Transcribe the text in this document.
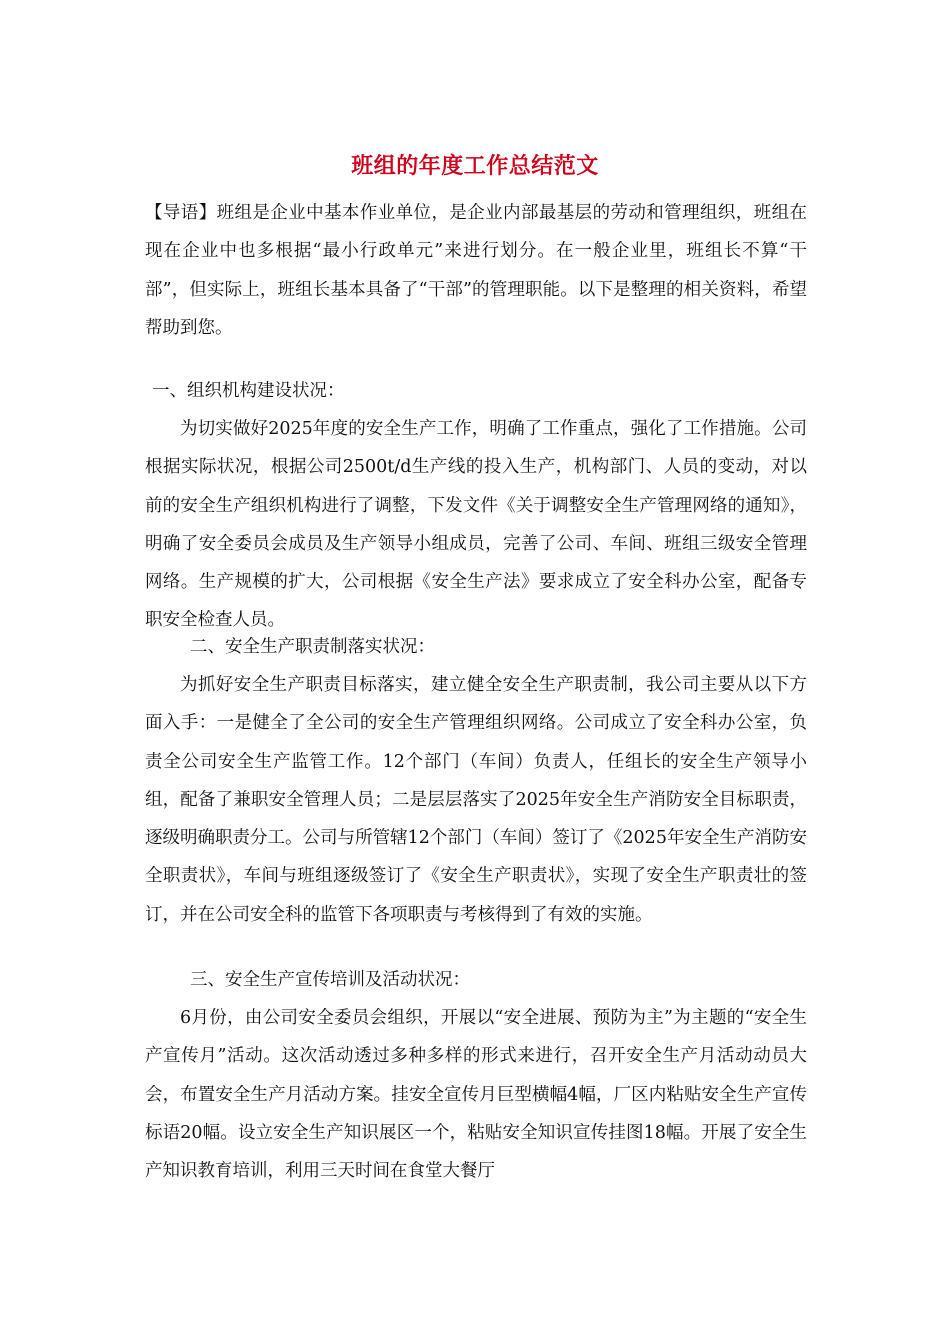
班组的年度工作总结范文
【导语】班组是企业中基本作业单位，是企业内部最基层的劳动和管理组织，班组在现在企业中也多根据“最小行政单元”来进行划分。在一般企业里，班组长不算“干部”，但实际上，班组长基本具备了“干部”的管理职能。以下是整理的相关资料，希望帮助到您。
一、组织机构建设状况：
为切实做好2025年度的安全生产工作，明确了工作重点，强化了工作措施。公司根据实际状况，根据公司2500t/d生产线的投入生产，机构部门、人员的变动，对以前的安全生产组织机构进行了调整，下发文件《关于调整安全生产管理网络的通知》，明确了安全委员会成员及生产领导小组成员，完善了公司、车间、班组三级安全管理网络。生产规模的扩大，公司根据《安全生产法》要求成立了安全科办公室，配备专职安全检查人员。
二、安全生产职责制落实状况：
为抓好安全生产职责目标落实，建立健全安全生产职责制，我公司主要从以下方面入手：一是健全了全公司的安全生产管理组织网络。公司成立了安全科办公室，负责全公司安全生产监管工作。12个部门（车间）负责人，任组长的安全生产领导小组，配备了兼职安全管理人员；二是层层落实了2025年安全生产消防安全目标职责，逐级明确职责分工。公司与所管辖12个部门（车间）签订了《2025年安全生产消防安全职责状》，车间与班组逐级签订了《安全生产职责状》，实现了安全生产职责壮的签订，并在公司安全科的监管下各项职责与考核得到了有效的实施。
三、安全生产宣传培训及活动状况：
6月份，由公司安全委员会组织，开展以“安全进展、预防为主”为主题的“安全生产宣传月”活动。这次活动透过多种多样的形式来进行，召开安全生产月活动动员大会，布置安全生产月活动方案。挂安全宣传月巨型横幅4幅，厂区内粘贴安全生产宣传标语20幅。设立安全生产知识展区一个，粘贴安全知识宣传挂图18幅。开展了安全生产知识教育培训，利用三天时间在食堂大餐厅
